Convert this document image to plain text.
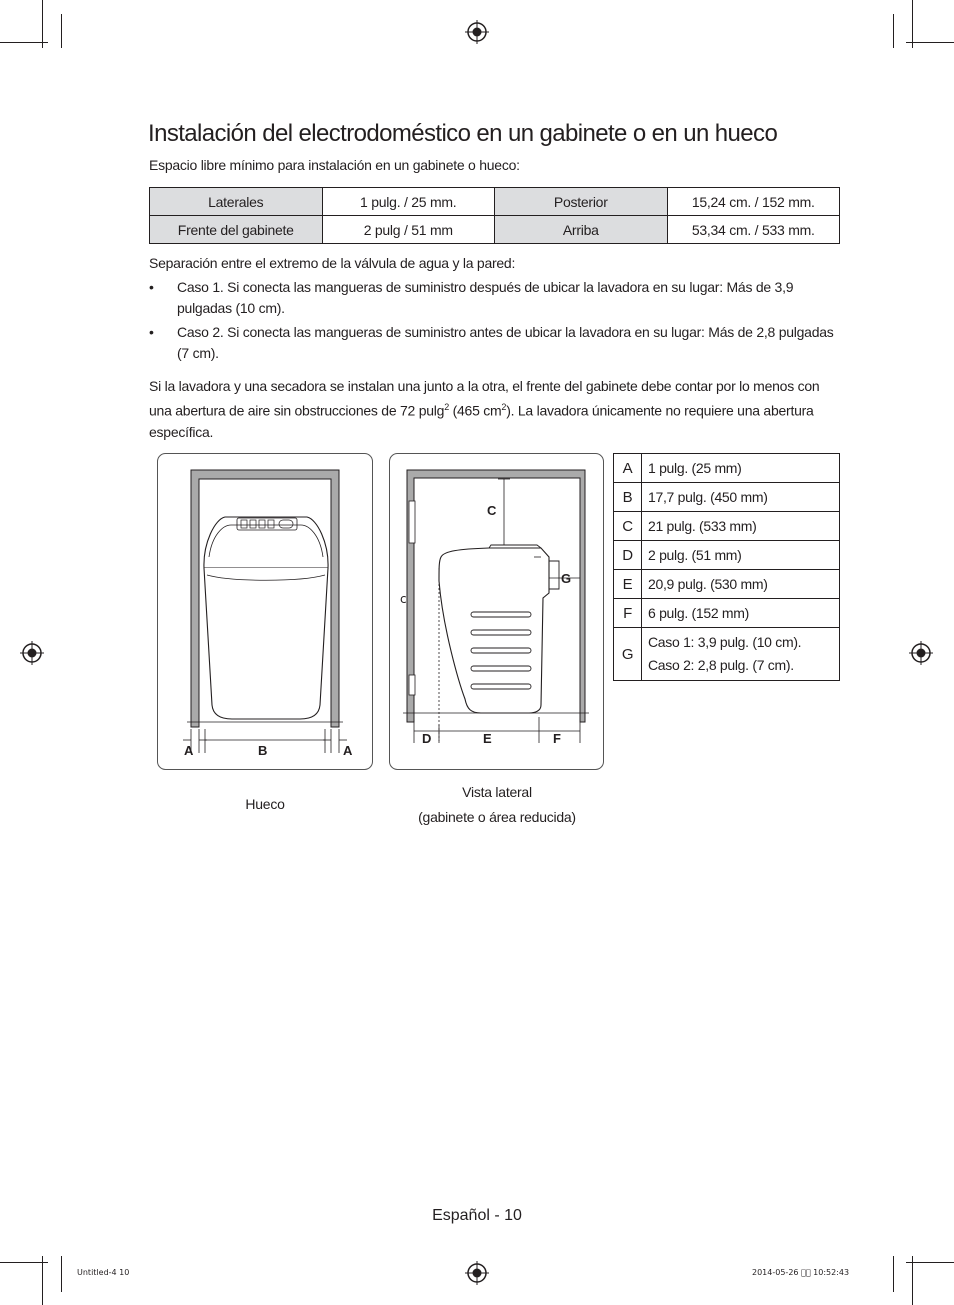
Instalación del electrodoméstico en un gabinete o en un hueco
Espacio libre mínimo para instalación en un gabinete o hueco:
Laterales	1 pulg. / 25 mm.	Posterior	15,24 cm. / 152 mm.
Frente del gabinete	2 pulg / 51 mm	Arriba	53,34 cm. / 533 mm.
Separación entre el extremo de la válvula de agua y la pared:
• Caso 1. Si conecta las mangueras de suministro después de ubicar la lavadora en su lugar: Más de 3,9 pulgadas (10 cm).
• Caso 2. Si conecta las mangueras de suministro antes de ubicar la lavadora en su lugar: Más de 2,8 pulgadas (7 cm).
Si la lavadora y una secadora se instalan una junto a la otra, el frente del gabinete debe contar por lo menos con una abertura de aire sin obstrucciones de 72 pulg$^2$ (465 $cm^2$). La lavadora únicamente no requiere una abertura específica.
A	B	A
c
C
G
D	E	F
A	1 pulg. (25 mm)
B	17,7 pulg. (450 mm)
C	21 pulg. (533 mm)
D	2 pulg. (51 mm)
E	20,9 pulg. (530 mm)
F	6 pulg. (152 mm)
G	Caso 1: 3,9 pulg. (10 cm).
Caso 2: 2,8 pulg. (7 cm).
Hueco
Vista lateral
(gabinete o área reducida)
Español - 10
Untitled-4 10	2014-05-26 ￿￿ 10:52:43
